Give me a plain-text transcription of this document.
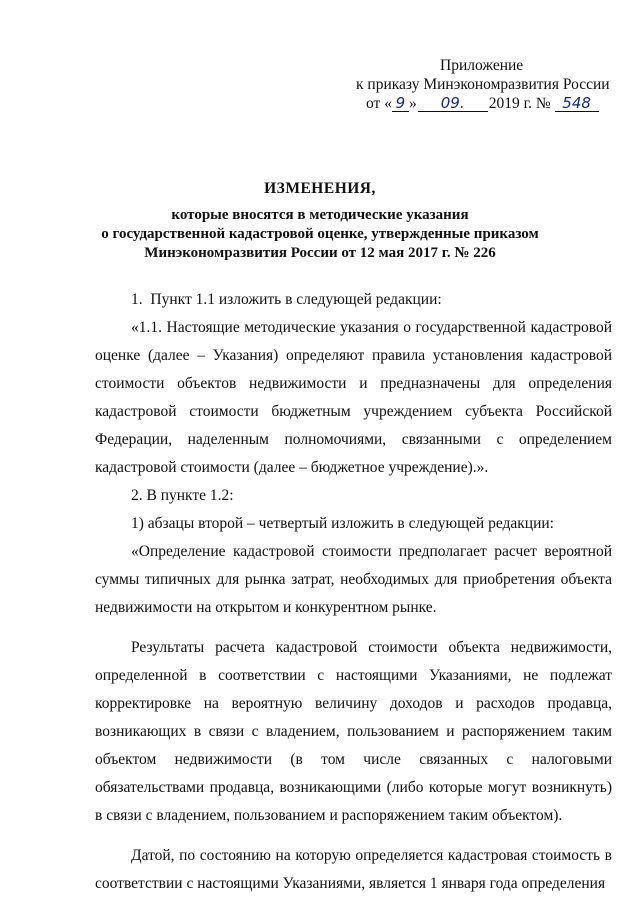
Приложение
к приказу Минэкономразвития России
от « 9 » 09. 2019 г. № 548
ИЗМЕНЕНИЯ,
которые вносятся в методические указания
о государственной кадастровой оценке, утвержденные приказом
Минэкономразвития России от 12 мая 2017 г. № 226

1.  Пункт 1.1 изложить в следующей редакции:

«1.1. Настоящие методические указания о государственной кадастровой оценке (далее – Указания) определяют правила установления кадастровой стоимости объектов недвижимости и предназначены для определения кадастровой стоимости бюджетным учреждением субъекта Российской Федерации, наделенным полномочиями, связанными с определением кадастровой стоимости (далее – бюджетное учреждение).».

2. В пункте 1.2:

1) абзацы второй – четвертый изложить в следующей редакции:

«Определение кадастровой стоимости предполагает расчет вероятной суммы типичных для рынка затрат, необходимых для приобретения объекта недвижимости на открытом и конкурентном рынке.

Результаты расчета кадастровой стоимости объекта недвижимости, определенной в соответствии с настоящими Указаниями, не подлежат корректировке на вероятную величину доходов и расходов продавца, возникающих в связи с владением, пользованием и распоряжением таким объектом недвижимости (в том числе связанных с налоговыми обязательствами продавца, возникающими (либо которые могут возникнуть) в связи с владением, пользованием и распоряжением таким объектом).

Датой, по состоянию на которую определяется кадастровая стоимость в соответствии с настоящими Указаниями, является 1 января года определения
